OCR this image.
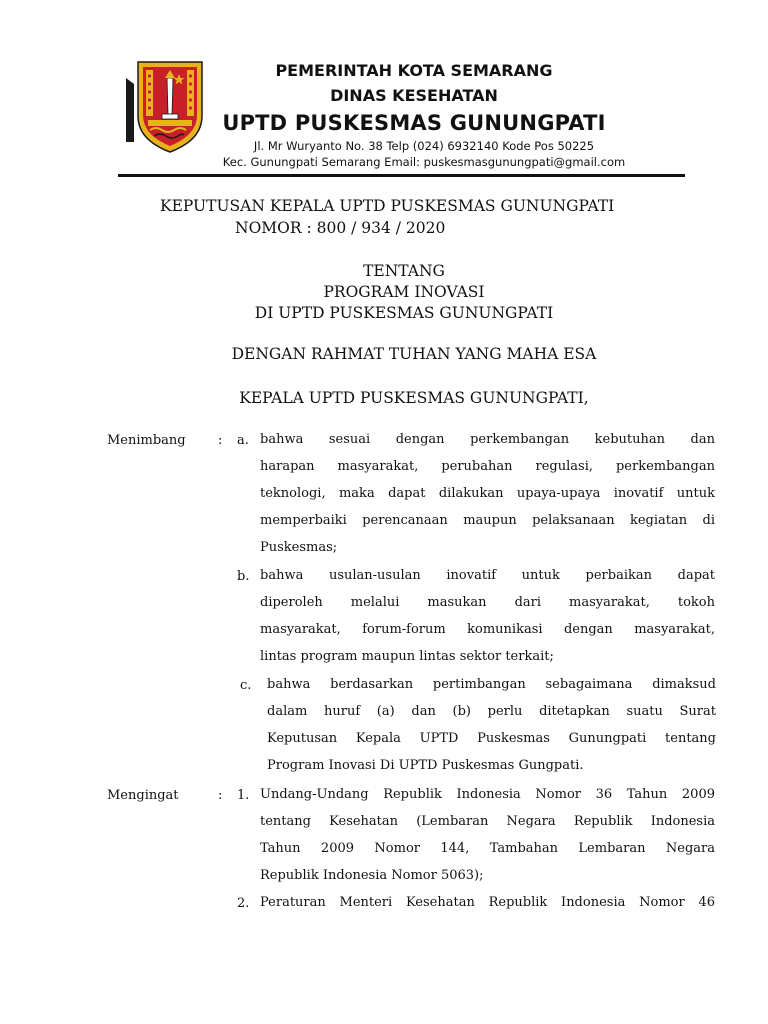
PEMERINTAH KOTA SEMARANG
DINAS KESEHATAN
UPTD PUSKESMAS GUNUNGPATI
Jl. Mr Wuryanto No. 38 Telp (024) 6932140 Kode Pos 50225
Kec. Gunungpati Semarang Email: puskesmasgunungpati@gmail.com
KEPUTUSAN KEPALA UPTD PUSKESMAS GUNUNGPATI
NOMOR : 800 / 934 / 2020
TENTANG
PROGRAM INOVASI
DI UPTD PUSKESMAS GUNUNGPATI
DENGAN RAHMAT TUHAN YANG MAHA ESA
KEPALA UPTD PUSKESMAS GUNUNGPATI,
Menimbang : a. bahwa sesuai dengan perkembangan kebutuhan dan
harapan masyarakat, perubahan regulasi, perkembangan
teknologi, maka dapat dilakukan upaya-upaya inovatif untuk
memperbaiki perencanaan maupun pelaksanaan kegiatan di
Puskesmas;
b. bahwa usulan-usulan inovatif untuk perbaikan dapat
diperoleh melalui masukan dari masyarakat, tokoh
masyarakat, forum-forum komunikasi dengan masyarakat,
lintas program maupun lintas sektor terkait;
c. bahwa berdasarkan pertimbangan sebagaimana dimaksud
dalam huruf (a) dan (b) perlu ditetapkan suatu Surat
Keputusan Kepala UPTD Puskesmas Gunungpati tentang
Program Inovasi Di UPTD Puskesmas Gungpati.
Mengingat	: 1. Undang-Undang Republik Indonesia Nomor 36 Tahun 2009
tentang Kesehatan (Lembaran Negara Republik Indonesia
Tahun 2009 Nomor 144, Tambahan Lembaran Negara
Republik Indonesia Nomor 5063);
2. Peraturan Menteri Kesehatan Republik Indonesia Nomor 46
